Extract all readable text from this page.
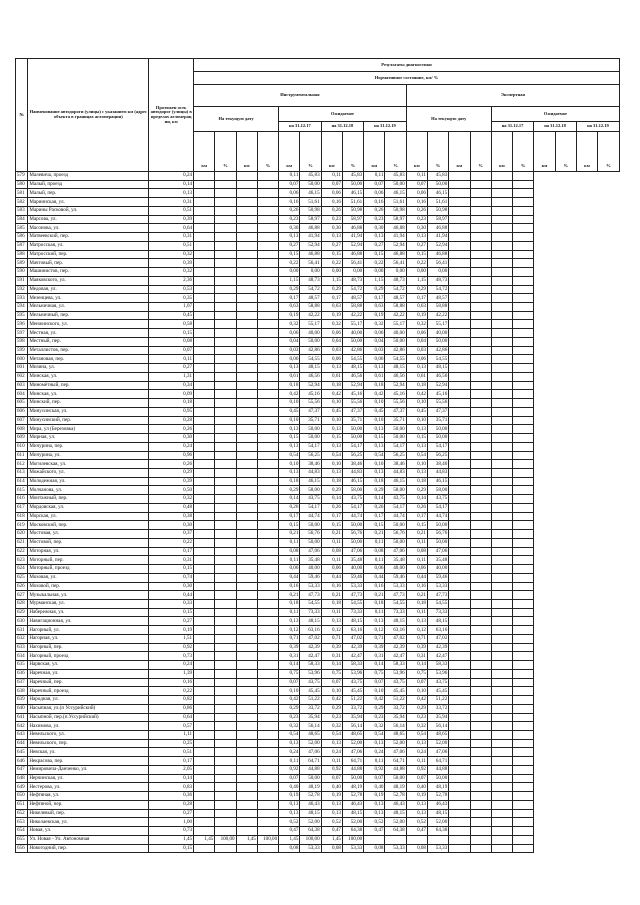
№	Наименование автодороги (улицы) с указанием км (адрес объекта в границах агломерации)	Протяжен ость автодорог (улицы) в пределах агломерац ии, км	Результаты диагностики																			
			Нормативное состояние, км/ %																			
			Инструментальная										Экспертная									
			На текущую дату				Ожидаемое						На текущую дату				Ожидаемое					
							на 31.12.17		на 31.12.18		на 31.12.19						на 31.12.17		на 31.12.18		на 31.12.19	
			км	%	км	%	км	%	км	%	км	%	км	%	км	%	км	%	км	%	км	%
579	Малевича, проезд	0,24					0,11	45,83	0,11	45,83	0,11	45,83	0,11	45,83								
580	Малый, проезд	0,14					0,07	50,00	0,07	50,00	0,07	50,00	0,07	50,00								
581	Малый, пер.	0,13					0,06	46,15	0,06	46,15	0,06	46,15	0,06	46,15								
582	Мариинская, ул.	0,31					0,16	51,61	0,16	51,61	0,16	51,61	0,16	51,61								
583	Марины Расковой, ул.	0,51					0,26	50,98	0,26	50,98	0,26	50,98	0,26	50,98								
584	Марсова, ул.	0,39					0,23	58,97	0,23	58,97	0,23	58,97	0,23	58,97								
585	Масонова, ул.	0,64					0,30	46,88	0,30	46,88	0,30	46,88	0,30	46,88								
586	Матвеевский, пер.	0,31					0,13	41,94	0,13	41,94	0,13	41,94	0,13	41,94								
587	Матросская, ул.	0,51					0,27	52,94	0,27	52,94	0,27	52,94	0,27	52,94								
588	Матросский, пер.	0,32					0,15	46,88	0,15	46,88	0,15	46,88	0,15	46,88								
589	Мачтовый, пер.	0,39					0,22	56,41	0,22	56,41	0,22	56,41	0,22	56,41								
590	Машинистов, пер.	0,32					0,00	0,00	0,00	0,00	0,00	0,00	0,00	0,00								
591	Маяковского, ул.	2,36					1,15	48,73	1,15	48,73	1,15	48,73	1,15	48,73								
592	Медовая, ул.	0,53					0,29	54,72	0,29	54,72	0,29	54,72	0,29	54,72								
593	Мезенцева, ул.	0,35					0,17	48,57	0,17	48,57	0,17	48,57	0,17	48,57								
594	Мельничная, ул.	1,07					0,63	58,88	0,63	58,88	0,63	58,88	0,63	58,88								
595	Мельничный, пер.	0,45					0,19	42,22	0,19	42,22	0,19	42,22	0,19	42,22								
596	Менжинского, ул.	0,58					0,32	55,17	0,32	55,17	0,32	55,17	0,32	55,17								
597	Местная, ул.	0,15					0,06	40,00	0,06	40,00	0,06	40,00	0,06	40,00								
598	Местный, пер.	0,08					0,04	50,00	0,04	50,00	0,04	50,00	0,04	50,00								
599	Металлистов, пер.	0,07					0,03	42,86	0,03	42,86	0,03	42,86	0,03	42,86								
600	Метановая, пер.	0,11					0,06	54,55	0,06	54,55	0,06	54,55	0,06	54,55								
601	Мизина, ул.	0,27					0,13	48,15	0,13	48,15	0,13	48,15	0,13	48,15								
602	Минская, ул.	1,31					0,61	46,56	0,61	46,56	0,61	46,56	0,61	46,56								
603	Миномётный, пер.	0,34					0,18	52,94	0,18	52,94	0,18	52,94	0,18	52,94								
604	Минская, ул.	0,09					0,42	45,16	0,42	45,16	0,42	45,16	0,42	45,16								
605	Минский, пер.	0,18					0,10	55,56	0,10	55,56	0,10	55,56	0,10	55,56								
606	Минусинская, ул.	0,95					0,45	47,37	0,45	47,37	0,45	47,37	0,45	47,37								
607	Минусинский, пер.	0,28					0,10	35,71	0,10	35,71	0,10	35,71	0,10	35,71								
608	Мира, ул (Березовка)	0,26					0,13	50,00	0,13	50,00	0,13	50,00	0,13	50,00								
609	Мирная, ул.	0,30					0,15	50,00	0,15	50,00	0,15	50,00	0,15	50,00								
610	Мичурина, пер.	0,24					0,13	54,17	0,13	54,17	0,13	54,17	0,13	54,17								
611	Мичурина, ул.	0,96					0,54	56,25	0,54	56,25	0,54	56,25	0,54	56,25								
612	Могилевская, ул.	0,26					0,10	38,46	0,10	38,46	0,10	38,46	0,10	38,46								
613	Можайского, ул.	0,29					0,13	44,83	0,13	44,83	0,13	44,83	0,13	44,83								
614	Молодежная, ул.	0,39					0,18	46,15	0,18	46,15	0,18	46,15	0,18	46,15								
615	Молчанова, ул.	0,50					0,29	58,00	0,29	58,00	0,29	58,00	0,29	58,00								
616	Монтажный, пер.	0,32					0,14	43,75	0,14	43,75	0,14	43,75	0,14	43,75								
617	Мордовская, ул.	0,48					0,26	54,17	0,26	54,17	0,26	54,17	0,26	54,17								
618	Морская, ул.	0,38					0,17	44,74	0,17	44,74	0,17	44,74	0,17	44,74								
619	Московский, пер.	0,30					0,15	50,00	0,15	50,00	0,15	50,00	0,15	50,00								
620	Мостовая, ул.	0,37					0,21	56,76	0,21	56,76	0,21	56,76	0,21	56,76								
621	Мостовой, пер.	0,22					0,11	50,00	0,11	50,00	0,11	50,00	0,11	50,00								
622	Моторная, ул.	0,17					0,08	47,06	0,08	47,06	0,08	47,06	0,08	47,06								
623	Моторный, пер.	0,31					0,11	35,48	0,11	35,48	0,11	35,48	0,11	35,48								
624	Моторный, проезд	0,15					0,06	40,00	0,06	40,00	0,06	40,00	0,06	40,00								
625	Моховая, ул.	0,74					0,44	59,46	0,44	59,46	0,44	59,46	0,44	59,46								
626	Моховой, пер.	0,30					0,16	53,33	0,16	53,33	0,16	53,33	0,16	53,33								
627	Музыкальная, ул.	0,44					0,21	47,73	0,21	47,73	0,21	47,73	0,21	47,73								
628	Мурманская, ул.	0,33					0,18	54,55	0,18	54,55	0,18	54,55	0,18	54,55								
629	Набережная, ул.	0,15					0,11	73,33	0,11	73,33	0,11	73,33	0,11	73,33								
630	Навигационная, ул.	0,27					0,13	48,15	0,13	48,15	0,13	48,15	0,13	48,15								
631	Нагорный, ул.	0,19					0,12	63,16	0,12	63,16	0,12	63,16	0,12	63,16								
632	Нагорная, ул.	1,51					0,71	47,02	0,71	47,02	0,71	47,02	0,71	47,02								
633	Нагорный, пер.	0,92					0,39	42,39	0,39	42,39	0,39	42,39	0,39	42,39								
634	Нагорный, проезд	0,73					0,31	42,47	0,31	42,47	0,31	42,47	0,31	42,47								
635	Нарвская, ул.	0,24					0,14	58,33	0,14	58,33	0,14	58,33	0,14	58,33								
636	Наречная, ул.	1,39					0,75	53,96	0,75	53,96	0,75	53,96	0,75	53,96								
637	Наречный, пер.	0,16					0,07	43,75	0,07	43,75	0,07	43,75	0,07	43,75								
638	Наречный, проезд	0,22					0,10	45,45	0,10	45,45	0,10	45,45	0,10	45,45								
639	Народная, ул.	0,82					0,42	51,22	0,42	51,22	0,42	51,22	0,42	51,22								
640	Насыпная, ул.(п Уссурийский)	0,86					0,29	33,72	0,29	33,72	0,29	33,72	0,29	33,72								
641	Насыпной, пер.(п.Уссурийский)	0,64					0,23	35,94	0,23	35,94	0,23	35,94	0,23	35,94								
642	Нахимова, ул.	0,57					0,32	56,14	0,32	56,14	0,32	56,14	0,32	56,14								
643	Невельского, ул.	1,11					0,54	48,65	0,54	48,65	0,54	48,65	0,54	48,65								
644	Невельского, пер.	0,25					0,13	52,00	0,13	52,00	0,13	52,00	0,13	52,00								
645	Невская, ул.	0,51					0,24	47,06	0,24	47,06	0,24	47,06	0,24	47,06								
646	Некрасова, пер.	0,17					0,11	64,71	0,11	64,71	0,11	64,71	0,11	64,71								
647	Немировича-Данченко, ул.	2,05					0,92	44,88	0,92	44,88	0,92	44,88	0,92	44,88								
648	Нерчинская, ул.	0,14					0,07	50,00	0,07	50,00	0,07	50,00	0,07	50,00								
649	Нестерова, ул.	0,83					0,40	48,19	0,40	48,19	0,40	48,19	0,40	48,19								
650	Нефтяная, ул.	0,36					0,19	52,78	0,19	52,78	0,19	52,78	0,19	52,78								
651	Нефтяной, пер.	0,28					0,13	46,43	0,13	46,43	0,13	46,43	0,13	46,43								
652	Никелевый, пер.	0,27					0,13	48,15	0,13	48,15	0,13	48,15	0,13	48,15								
653	Николаевская, ул.	1,00					0,52	52,00	0,52	52,00	0,52	52,00	0,52	52,00								
654	Новая, ул.	0,73					0,47	64,38	0,47	64,38	0,47	64,38	0,47	64,38								
655	Ул. Новая - Ул. Автономная	1,45	1,45	100,00	1,45	100,00	1,45	100,00	1,45	100,00												
656	Новогодний, пер.	0,15					0,08	53,33	0,08	53,33	0,08	53,33	0,08	53,33								
